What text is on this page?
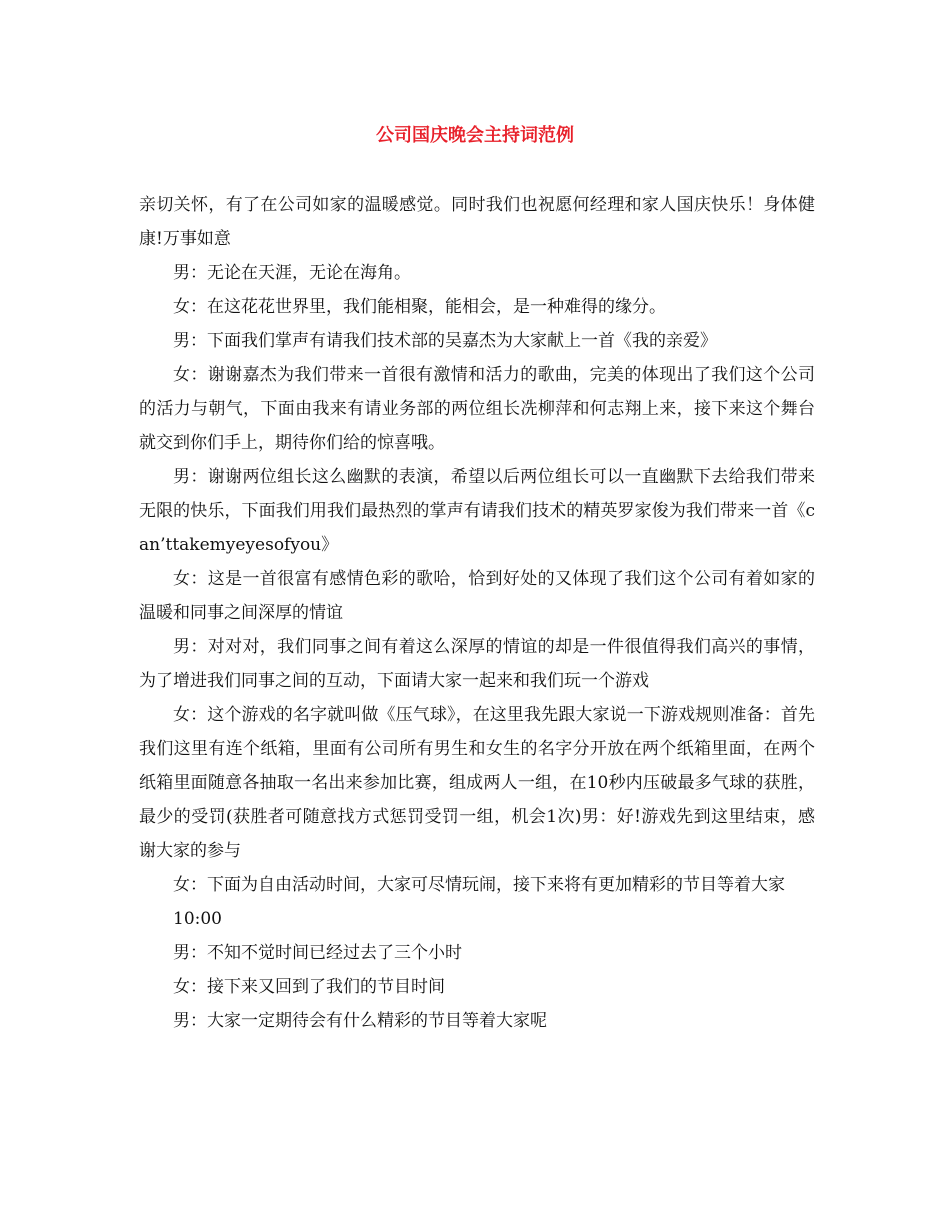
公司国庆晚会主持词范例

亲切关怀，有了在公司如家的温暖感觉。同时我们也祝愿何经理和家人国庆快乐！身体健康!万事如意

男：无论在天涯，无论在海角。

女：在这花花世界里，我们能相聚，能相会，是一种难得的缘分。

男：下面我们掌声有请我们技术部的吴嘉杰为大家献上一首《我的亲爱》

女：谢谢嘉杰为我们带来一首很有激情和活力的歌曲，完美的体现出了我们这个公司的活力与朝气，下面由我来有请业务部的两位组长冼柳萍和何志翔上来，接下来这个舞台就交到你们手上，期待你们给的惊喜哦。

男：谢谢两位组长这么幽默的表演，希望以后两位组长可以一直幽默下去给我们带来无限的快乐，下面我们用我们最热烈的掌声有请我们技术的精英罗家俊为我们带来一首《can’ttakemyeyesofyou》

女：这是一首很富有感情色彩的歌哈，恰到好处的又体现了我们这个公司有着如家的温暖和同事之间深厚的情谊

男：对对对，我们同事之间有着这么深厚的情谊的却是一件很值得我们高兴的事情，为了增进我们同事之间的互动，下面请大家一起来和我们玩一个游戏

女：这个游戏的名字就叫做《压气球》，在这里我先跟大家说一下游戏规则准备：首先我们这里有连个纸箱，里面有公司所有男生和女生的名字分开放在两个纸箱里面，在两个纸箱里面随意各抽取一名出来参加比赛，组成两人一组，在10秒内压破最多气球的获胜，最少的受罚(获胜者可随意找方式惩罚受罚一组，机会1次)男：好!游戏先到这里结束，感谢大家的参与

女：下面为自由活动时间，大家可尽情玩闹，接下来将有更加精彩的节目等着大家

10:00

男：不知不觉时间已经过去了三个小时

女：接下来又回到了我们的节目时间

男：大家一定期待会有什么精彩的节目等着大家呢
